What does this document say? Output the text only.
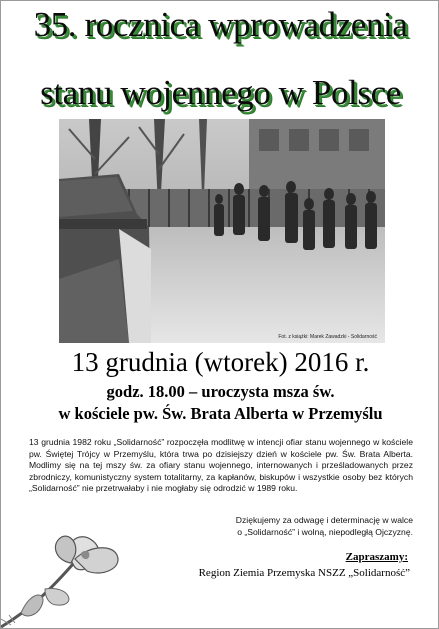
35. rocznica wprowadzenia
stanu wojennego w Polsce
Fot. z książki: Marek Zawadzki - Solidarność
13 grudnia (wtorek) 2016 r.
godz. 18.00 – uroczysta msza św.
w kościele pw. Św. Brata Alberta w Przemyślu
13 grudnia 1982 roku „Solidarność” rozpoczęła modlitwę w intencji ofiar stanu wojennego w kościele pw. Świętej Trójcy w Przemyślu, która trwa po dzisiejszy dzień w kościele pw. Św. Brata Alberta. Modlimy się na tej mszy św. za ofiary stanu wojennego, internowanych i prześladowanych przez zbrodniczy, komunistyczny system totalitarny, za kapłanów, biskupów i wszystkie osoby bez których „Solidarność” nie przetrwałaby i nie mogłaby się odrodzić w 1989 roku.
Dziękujemy za odwagę i determinację w walce
o „Solidarność” i wolną, niepodległą Ojczyznę.
Zapraszamy:
Region Ziemia Przemyska NSZZ „Solidarność”
